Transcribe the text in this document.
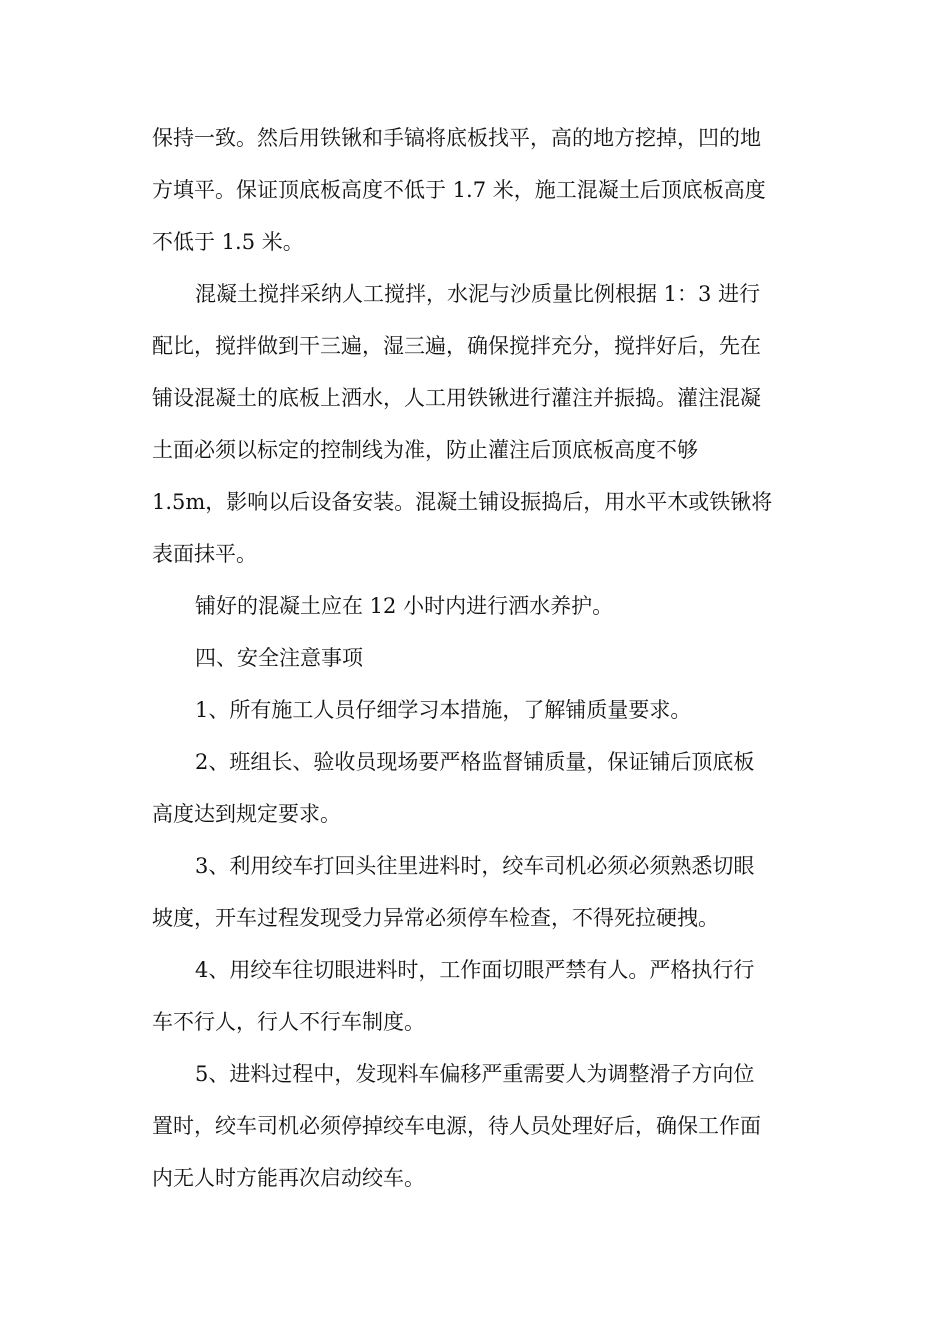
保持一致。然后用铁锹和手镐将底板找平，高的地方挖掉，凹的地
方填平。保证顶底板高度不低于 1.7 米，施工混凝土后顶底板高度
不低于 1.5 米。
混凝土搅拌采纳人工搅拌，水泥与沙质量比例根据 1：3 进行
配比，搅拌做到干三遍，湿三遍，确保搅拌充分，搅拌好后，先在
铺设混凝土的底板上洒水，人工用铁锹进行灌注并振捣。灌注混凝
土面必须以标定的控制线为准，防止灌注后顶底板高度不够
1.5m，影响以后设备安装。混凝土铺设振捣后，用水平木或铁锹将
表面抹平。
铺好的混凝土应在 12 小时内进行洒水养护。
四、安全注意事项
1、所有施工人员仔细学习本措施，了解铺质量要求。
2、班组长、验收员现场要严格监督铺质量，保证铺后顶底板
高度达到规定要求。
3、利用绞车打回头往里进料时，绞车司机必须必须熟悉切眼
坡度，开车过程发现受力异常必须停车检查，不得死拉硬拽。
4、用绞车往切眼进料时，工作面切眼严禁有人。严格执行行
车不行人，行人不行车制度。
5、进料过程中，发现料车偏移严重需要人为调整滑子方向位
置时，绞车司机必须停掉绞车电源，待人员处理好后，确保工作面
内无人时方能再次启动绞车。
